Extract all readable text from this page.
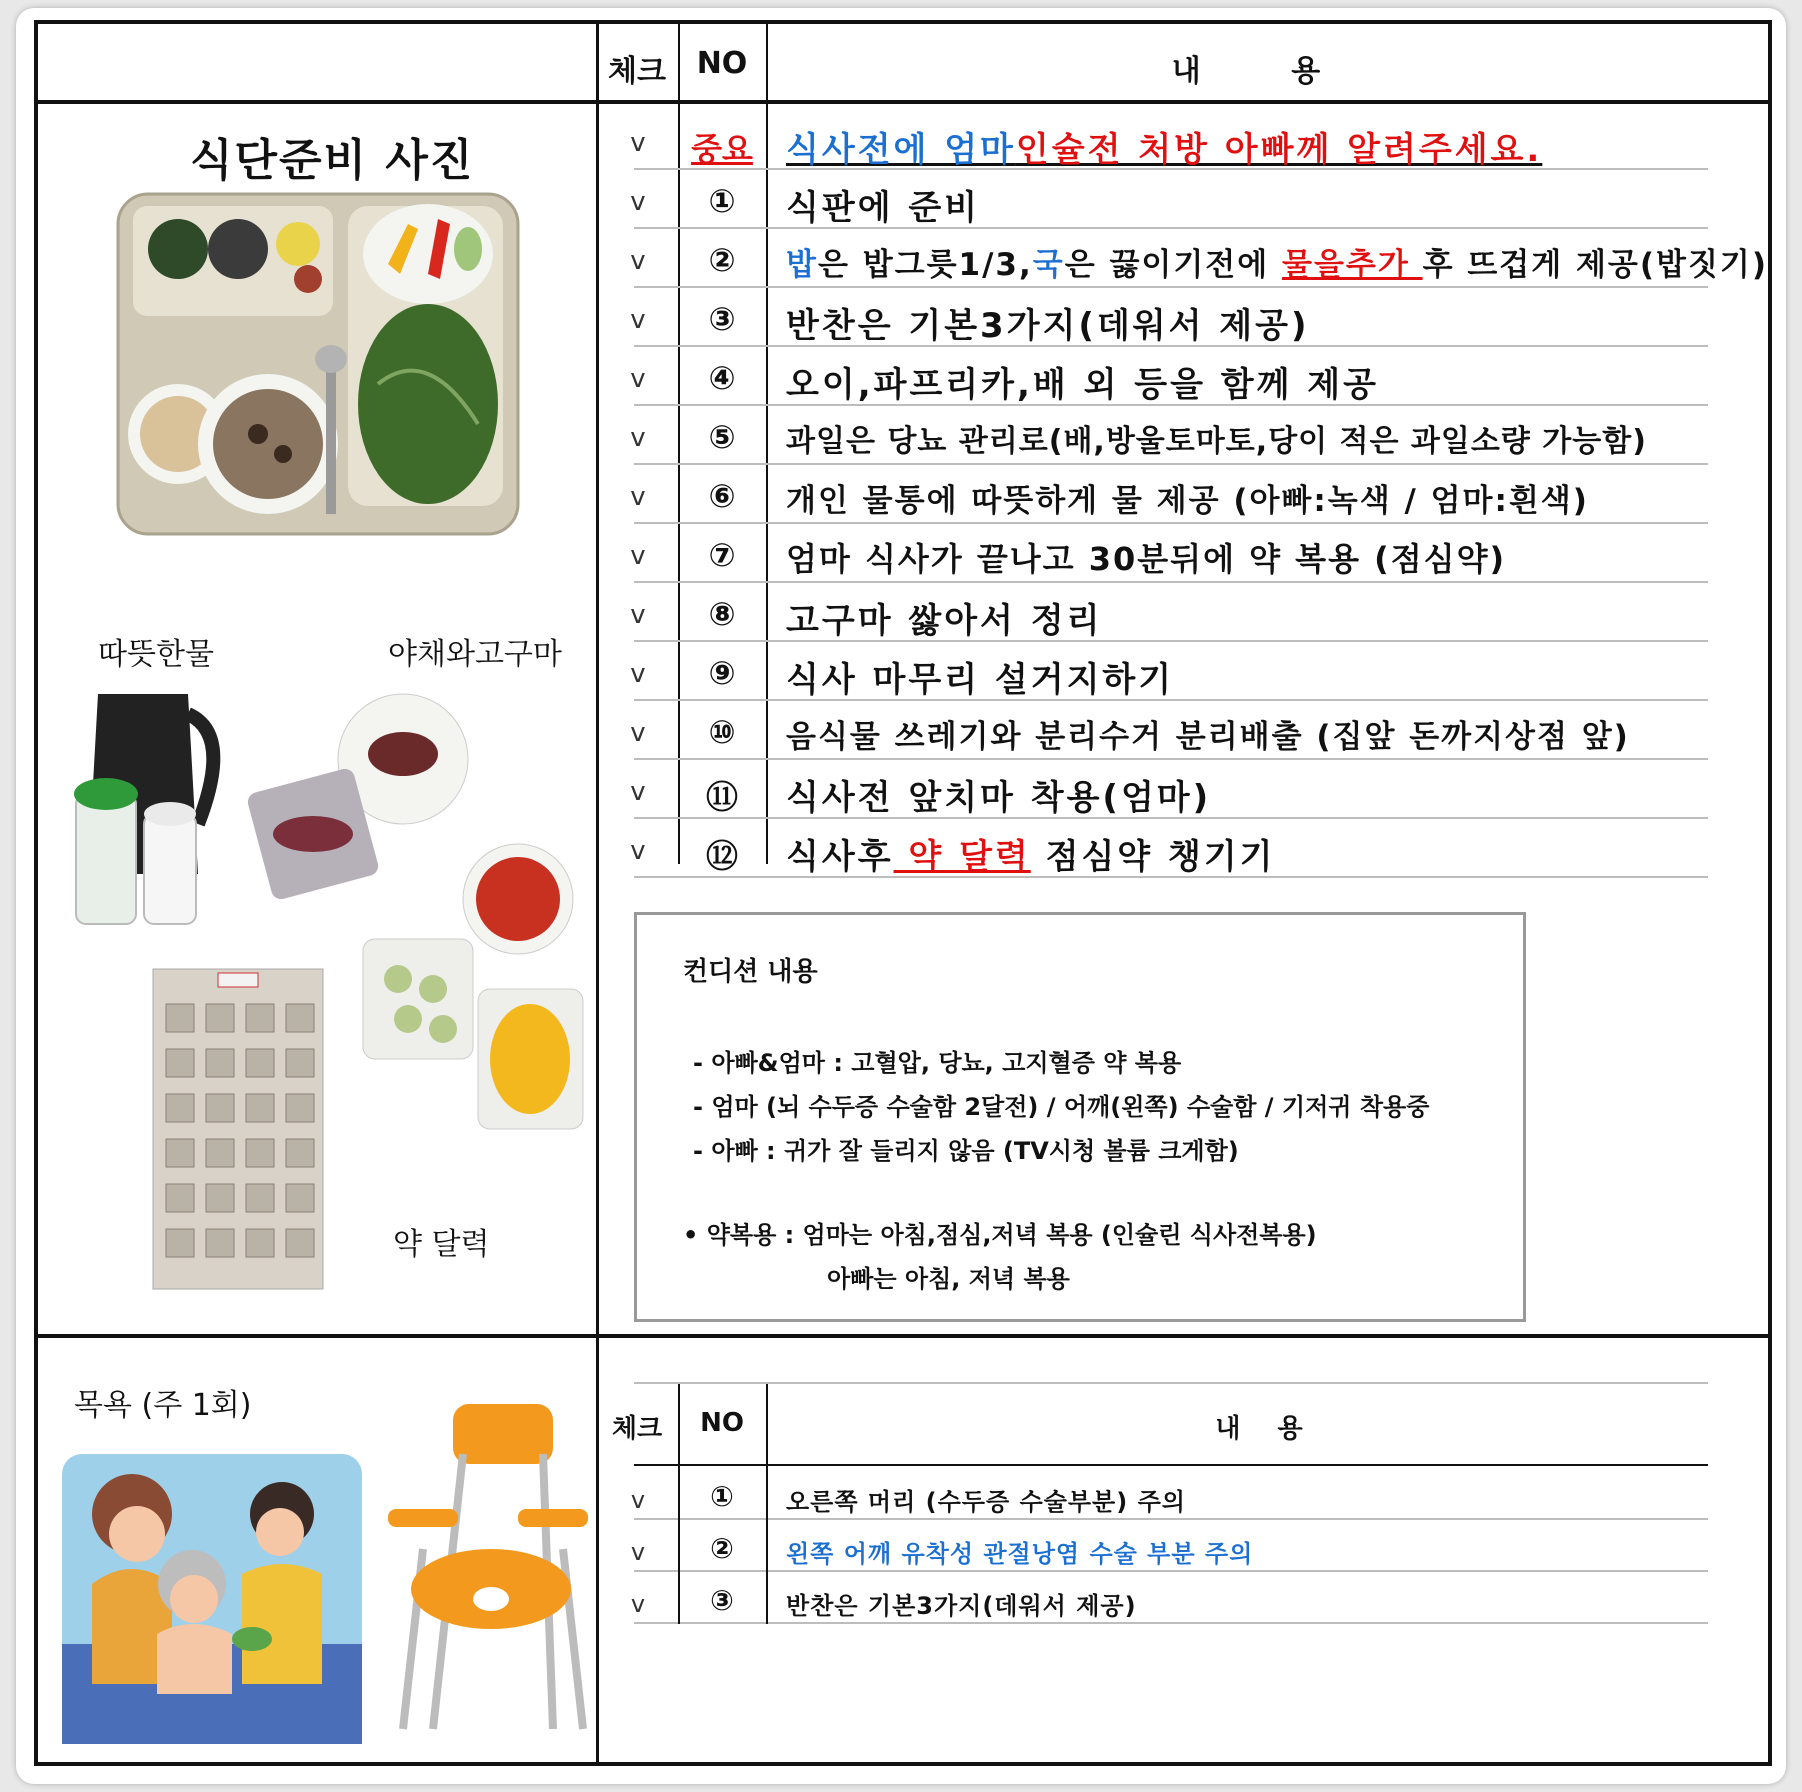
체크	NO	내 용
식단준비 사진
따뜻한물	야채와고구마
약 달력
v	중요 식사전에 엄마인슐전 처방 아빠께 알려주세요.
v	①	식판에 준비
v	②	밥은 밥그릇1/3,국은 끓이기전에 물을추가 후 뜨겁게 제공(밥짓기)
v	③	반찬은 기본3가지(데워서 제공)
v	④	오이,파프리카,배 외 등을 함께 제공
v	⑤	과일은 당뇨 관리로(배,방울토마토,당이 적은 과일소량 가능함)
v	⑥	개인 물통에 따뜻하게 물 제공 (아빠:녹색 / 엄마:흰색)
v	⑦	엄마 식사가 끝나고 30분뒤에 약 복용 (점심약)
v	⑧	고구마 쌇아서 정리
v	⑨	식사 마무리 설거지하기
v	⑩	음식물 쓰레기와 분리수거 분리배출 (집앞 돈까지상점 앞)
v	⑪	식사전 앞치마 착용(엄마)
v	⑫	식사후 약 달력 점심약 챙기기
컨디션 내용
- 아빠&엄마 : 고혈압, 당뇨, 고지혈증 약 복용
- 엄마 (뇌 수두증 수술함 2달전) / 어깨(왼쪽) 수술함 / 기저귀 착용중
- 아빠 : 귀가 잘 들리지 않음 (TV시청 볼륨 크게함)
• 약복용 : 엄마는 아침,점심,저녁 복용 (인슐린 식사전복용)
아빠는 아침, 저녁 복용
목욕 (주 1회)
체크	NO	내 용
v	①	오른쪽 머리 (수두증 수술부분) 주의
v	②	왼쪽 어깨 유착성 관절낭염 수술 부분 주의
v	③	반찬은 기본3가지(데워서 제공)
